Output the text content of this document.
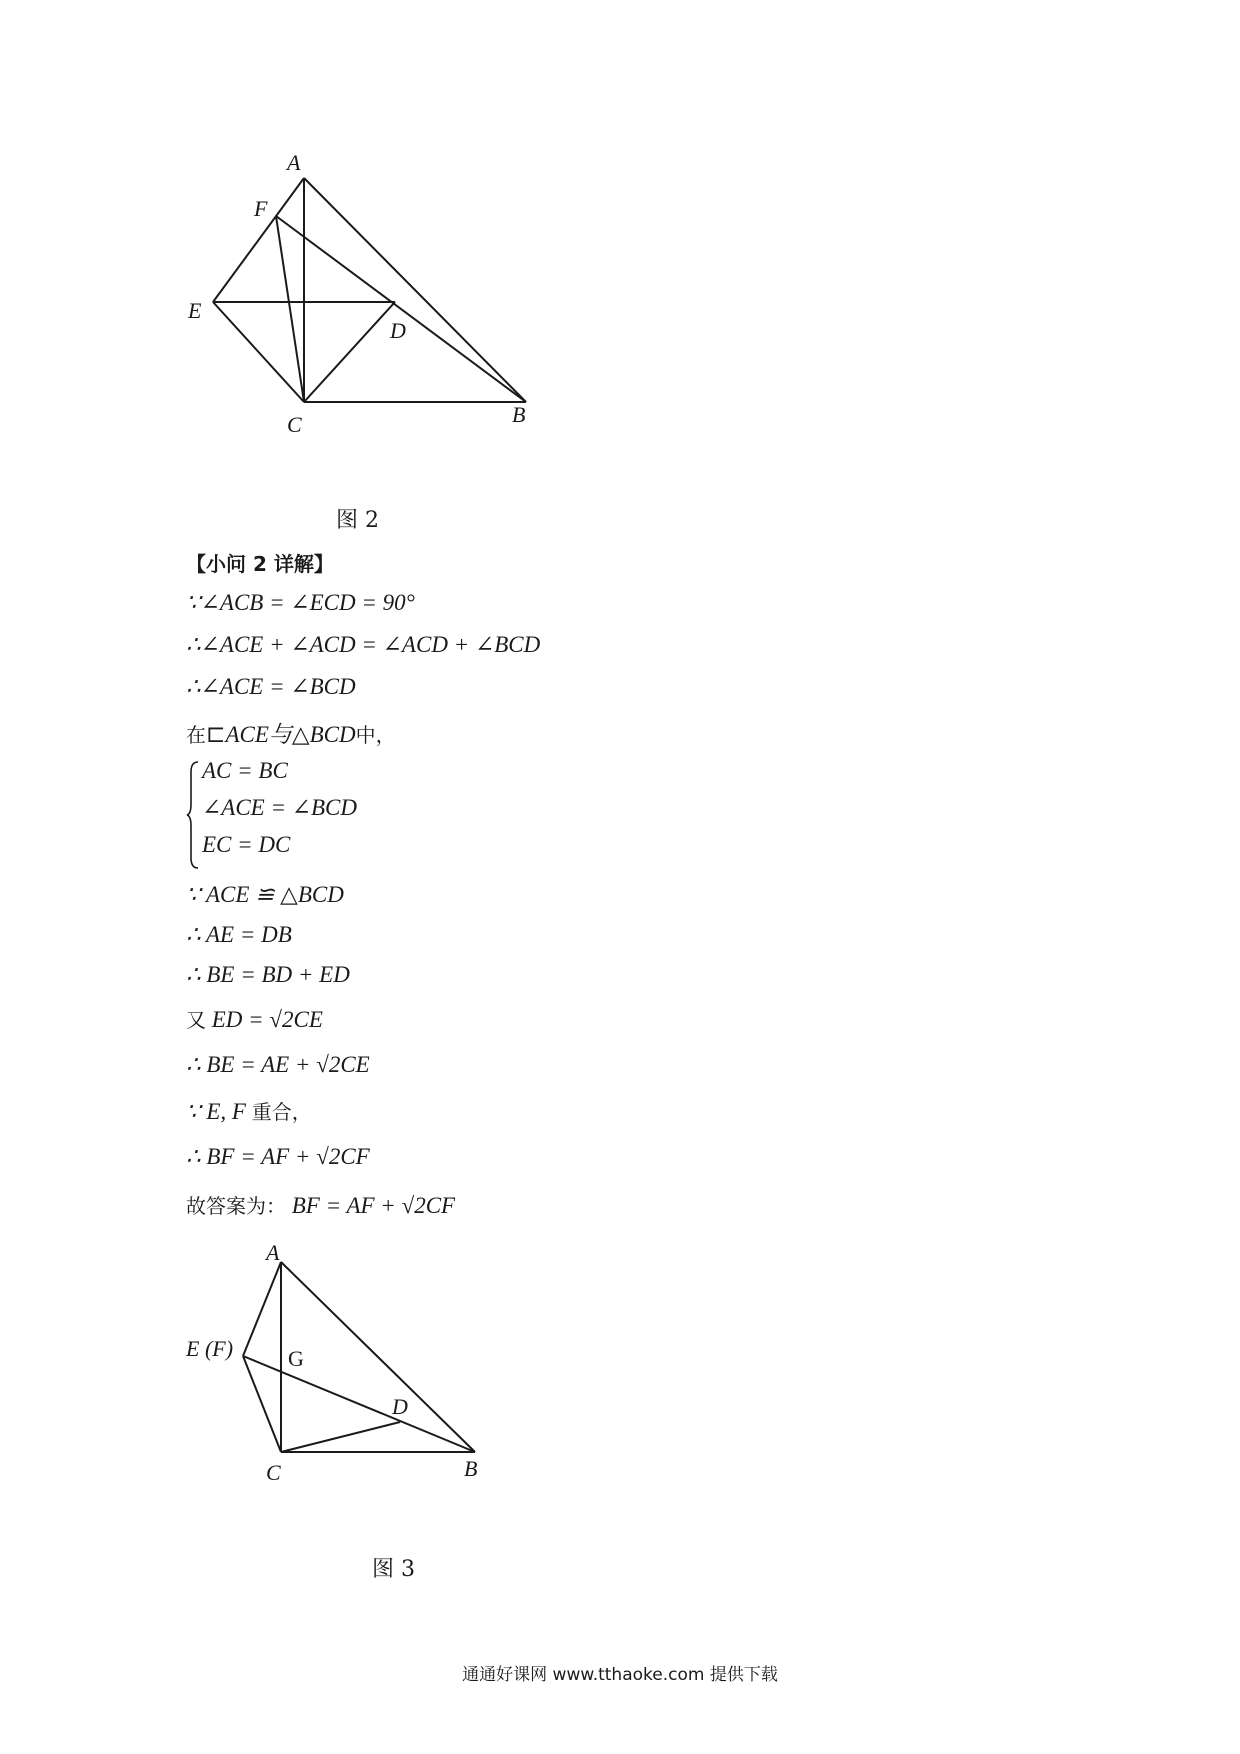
A
F
E
D
C	B
图 2
【小问 2 详解】
∵∠ACB = ∠ECD = 90°
∴∠ACE + ∠ACD = ∠ACD + ∠BCD
∴∠ACE = ∠BCD
在⊏ACE与△BCD中，
AC = BC
∠ACE = ∠BCD
EC = DC
∵ ACE ≌ △BCD
∴ AE = DB
∴ BE = BD + ED
又 ED = √2CE
∴ BE = AE + √2CE
∵ E, F 重合，
∴ BF = AF + √2CF
故答案为： BF = AF + √2CF
A
E (F) G
D
C	B
图 3
通通好课网 www.tthaoke.com 提供下载
